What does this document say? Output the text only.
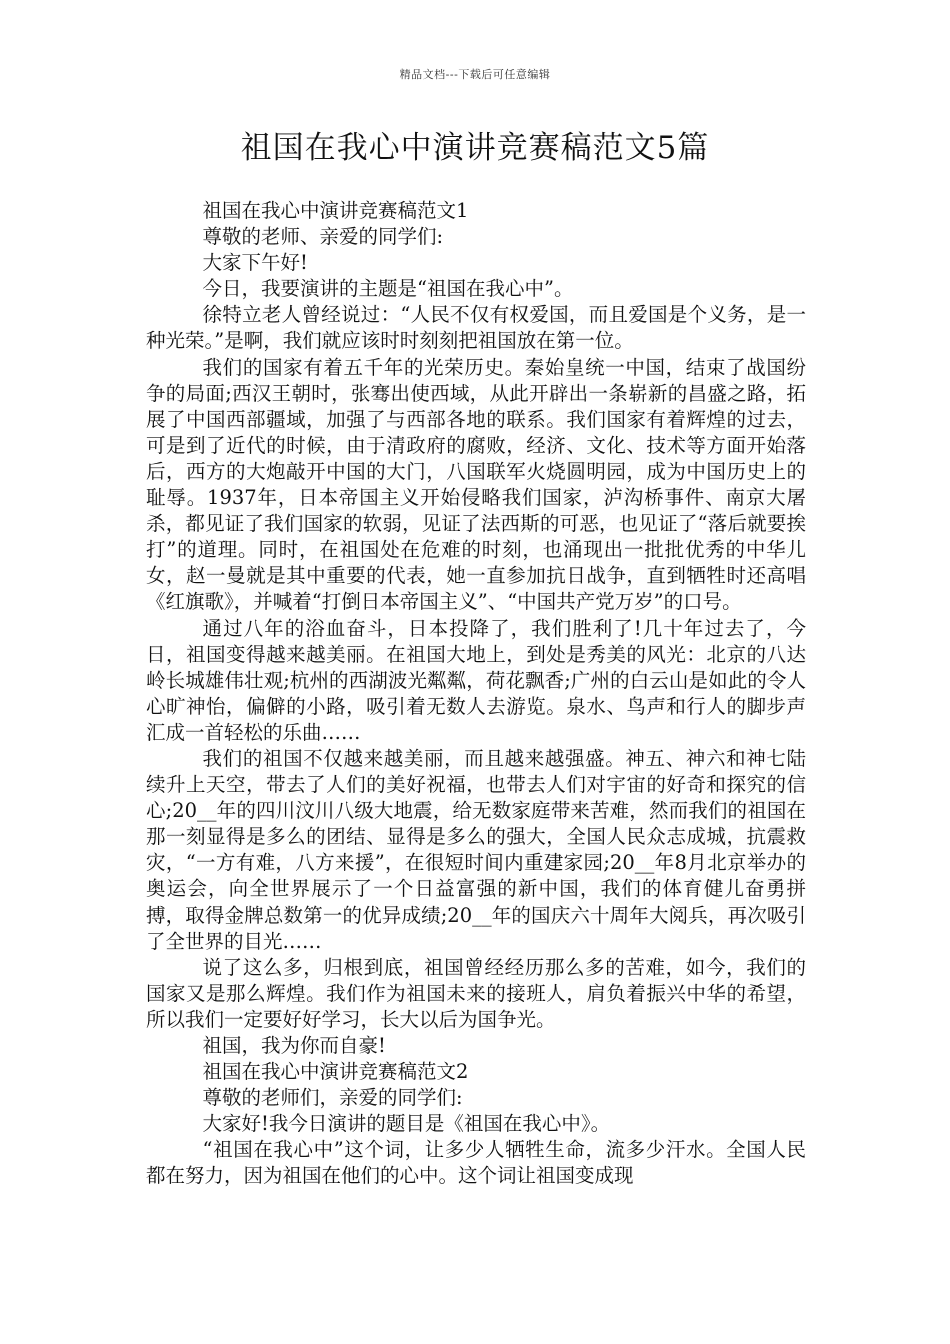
精品文档---下载后可任意编辑
祖国在我心中演讲竞赛稿范文5篇

祖国在我心中演讲竞赛稿范文1

尊敬的老师、亲爱的同学们:

大家下午好!

今日，我要演讲的主题是“祖国在我心中”。

徐特立老人曾经说过：“人民不仅有权爱国，而且爱国是个义务，是一种光荣。”是啊，我们就应该时时刻刻把祖国放在第一位。

我们的国家有着五千年的光荣历史。秦始皇统一中国，结束了战国纷争的局面;西汉王朝时，张骞出使西域，从此开辟出一条崭新的昌盛之路，拓展了中国西部疆域，加强了与西部各地的联系。我们国家有着辉煌的过去，可是到了近代的时候，由于清政府的腐败，经济、文化、技术等方面开始落后，西方的大炮敲开中国的大门，八国联军火烧圆明园，成为中国历史上的耻辱。1937年，日本帝国主义开始侵略我们国家，泸沟桥事件、南京大屠杀，都见证了我们国家的软弱，见证了法西斯的可恶，也见证了“落后就要挨打”的道理。同时，在祖国处在危难的时刻，也涌现出一批批优秀的中华儿女，赵一曼就是其中重要的代表，她一直参加抗日战争，直到牺牲时还高唱《红旗歌》，并喊着“打倒日本帝国主义”、“中国共产党万岁”的口号。

通过八年的浴血奋斗，日本投降了，我们胜利了!几十年过去了，今日，祖国变得越来越美丽。在祖国大地上，到处是秀美的风光：北京的八达岭长城雄伟壮观;杭州的西湖波光粼粼，荷花飘香;广州的白云山是如此的令人心旷神怡，偏僻的小路，吸引着无数人去游览。泉水、鸟声和行人的脚步声汇成一首轻松的乐曲……

我们的祖国不仅越来越美丽，而且越来越强盛。神五、神六和神七陆续升上天空，带去了人们的美好祝福，也带去人们对宇宙的好奇和探究的信心;20__年的四川汶川八级大地震，给无数家庭带来苦难，然而我们的祖国在那一刻显得是多么的团结、显得是多么的强大，全国人民众志成城，抗震救灾，“一方有难，八方来援”，在很短时间内重建家园;20__年8月北京举办的奥运会，向全世界展示了一个日益富强的新中国，我们的体育健儿奋勇拼搏，取得金牌总数第一的优异成绩;20__年的国庆六十周年大阅兵，再次吸引了全世界的目光……

说了这么多，归根到底，祖国曾经经历那么多的苦难，如今，我们的国家又是那么辉煌。我们作为祖国未来的接班人，肩负着振兴中华的希望，所以我们一定要好好学习，长大以后为国争光。

祖国，我为你而自豪!

祖国在我心中演讲竞赛稿范文2

尊敬的老师们，亲爱的同学们:

大家好!我今日演讲的题目是《祖国在我心中》。

“祖国在我心中”这个词，让多少人牺牲生命，流多少汗水。全国人民都在努力，因为祖国在他们的心中。这个词让祖国变成现
